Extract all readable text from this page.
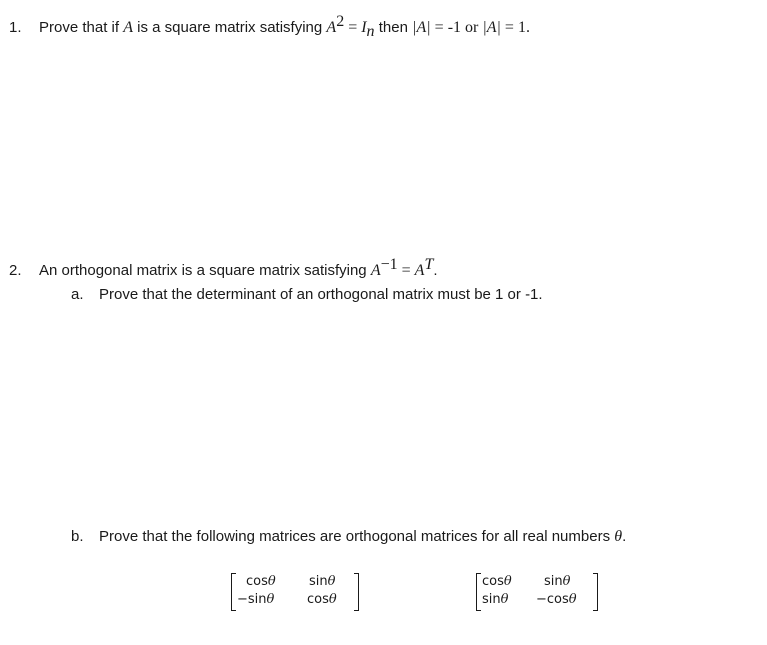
1. Prove that if A is a square matrix satisfying $A^2 = I_n$ then |A| = -1 or |A| = 1.
2. An orthogonal matrix is a square matrix satisfying $A^{-1} = A^T$.
a. Prove that the determinant of an orthogonal matrix must be 1 or -1.
b. Prove that the following matrices are orthogonal matrices for all real numbers θ.
cosθ	sinθ
−sinθ	cosθ
cosθ sinθ
sinθ −cosθ
